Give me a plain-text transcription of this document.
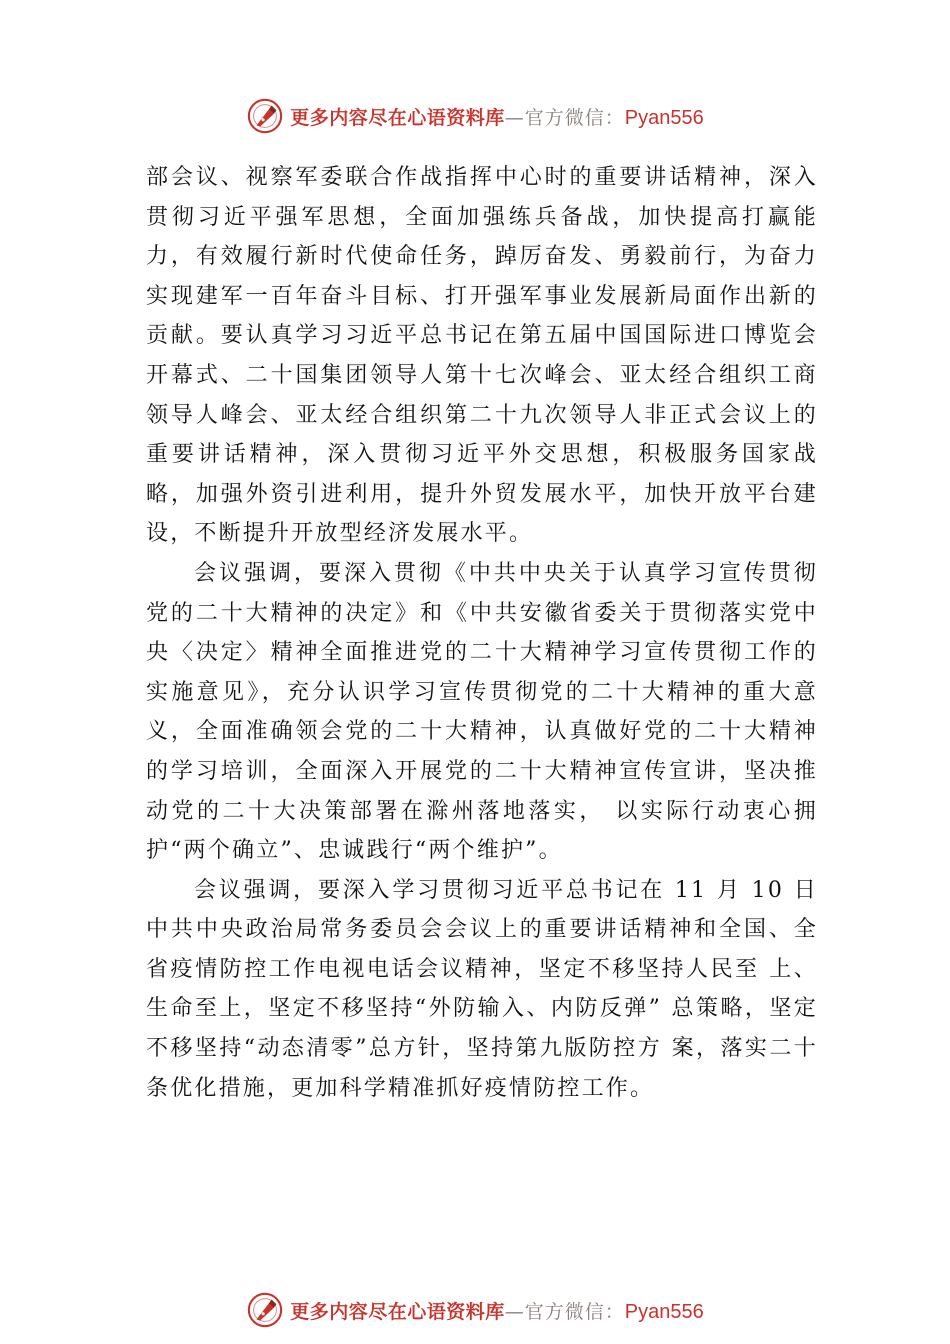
更多内容尽在心语资料库 — 官方微信： Pyan556

部会议、视察军委联合作战指挥中心时的重要讲话精神，深入贯彻习近平强军思想，全面加强练兵备战，加快提高打赢能力，有效履行新时代使命任务，踔厉奋发、勇毅前行，为奋力实现建军一百年奋斗目标、打开强军事业发展新局面作出新的贡献。要认真学习习近平总书记在第五届中国国际进口博览会开幕式、二十国集团领导人第十七次峰会、亚太经合组织工商领导人峰会、亚太经合组织第二十九次领导人非正式会议上的重要讲话精神，深入贯彻习近平外交思想，积极服务国家战略，加强外资引进利用，提升外贸发展水平，加快开放平台建设，不断提升开放型经济发展水平。

会议强调，要深入贯彻《中共中央关于认真学习宣传贯彻党的二十大精神的决定》和《中共安徽省委关于贯彻落实党中央〈决定〉精神全面推进党的二十大精神学习宣传贯彻工作的实施意见》，充分认识学习宣传贯彻党的二十大精神的重大意义，全面准确领会党的二十大精神，认真做好党的二十大精神的学习培训，全面深入开展党的二十大精神宣传宣讲，坚决推动党的二十大决策部署在滁州落地落实， 以实际行动衷心拥护“两个确立”、忠诚践行“两个维护”。

会议强调，要深入学习贯彻习近平总书记在 11 月 10 日中共中央政治局常务委员会会议上的重要讲话精神和全国、全省疫情防控工作电视电话会议精神，坚定不移坚持人民至 上、生命至上，坚定不移坚持“外防输入、内防反弹” 总策略，坚定不移坚持“动态清零”总方针，坚持第九版防控方 案，落实二十条优化措施，更加科学精准抓好疫情防控工作。

更多内容尽在心语资料库 — 官方微信： Pyan556
